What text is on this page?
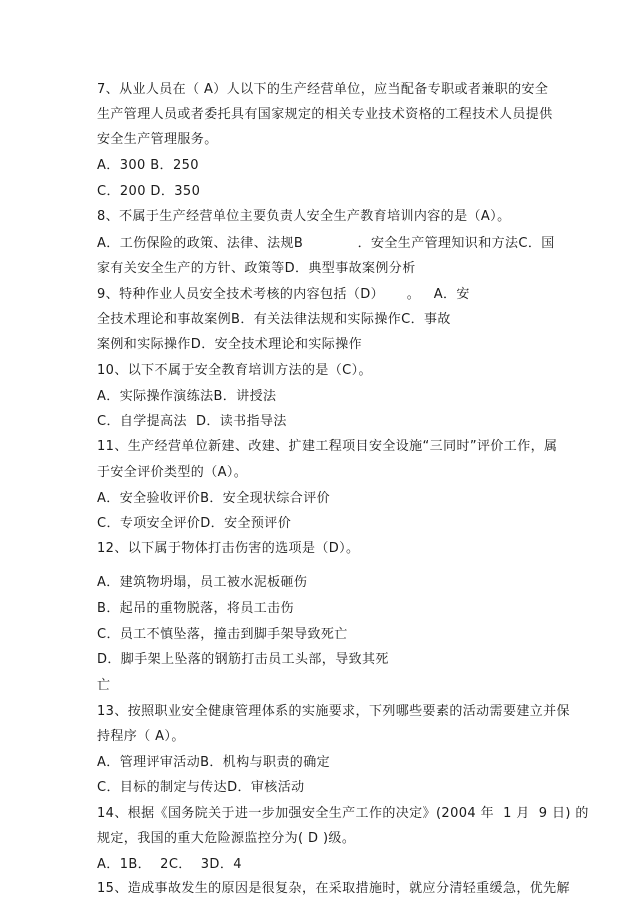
7、从业人员在（ A）人以下的生产经营单位，应当配备专职或者兼职的安全
生产管理人员或者委托具有国家规定的相关专业技术资格的工程技术人员提供
安全生产管理服务。
A．300 B．250
C．200 D．350
8、不属于生产经营单位主要负责人安全生产教育培训内容的是（A）。
A．工伤保险的政策、法律、法规B            ．安全生产管理知识和方法C．国
家有关安全生产的方针、政策等D．典型事故案例分析
9、特种作业人员安全技术考核的内容包括（D）     。   A．安
全技术理论和事故案例B．有关法律法规和实际操作C．事故
案例和实际操作D．安全技术理论和实际操作
10、以下不属于安全教育培训方法的是（C）。
A．实际操作演练法B．讲授法
C．自学提高法  D．读书指导法
11、生产经营单位新建、改建、扩建工程项目安全设施“三同时”评价工作，属
于安全评价类型的（A）。
A．安全验收评价B．安全现状综合评价
C．专项安全评价D．安全预评价
12、以下属于物体打击伤害的选项是（D）。
A．建筑物坍塌，员工被水泥板砸伤
B．起吊的重物脱落，将员工击伤
C．员工不慎坠落，撞击到脚手架导致死亡
D．脚手架上坠落的钢筋打击员工头部，导致其死
亡
13、按照职业安全健康管理体系的实施要求，下列哪些要素的活动需要建立并保
持程序（ A）。
A．管理评审活动B．机构与职责的确定
C．目标的制定与传达D．审核活动
14、根据《国务院关于进一步加强安全生产工作的决定》(2004 年  1 月  9 日) 的
规定，我国的重大危险源监控分为( D )级。
A．1B．  2C．  3D．4
15、造成事故发生的原因是很复杂，在采取措施时，就应分清轻重缓急，优先解
